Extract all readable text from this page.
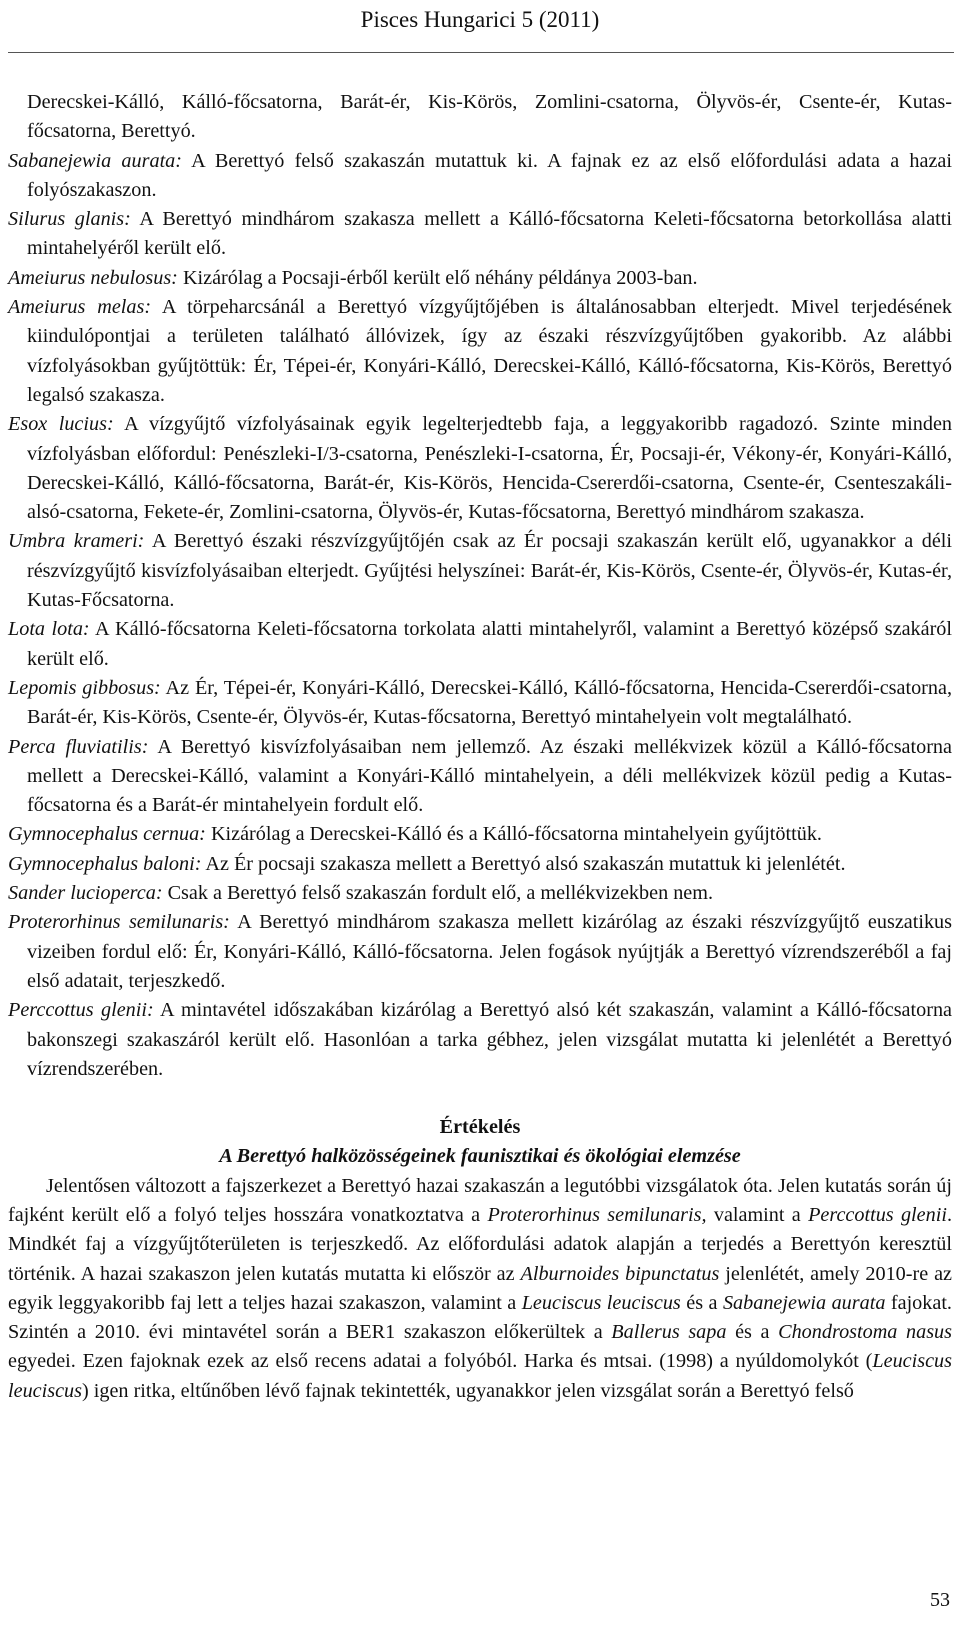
Pisces Hungarici 5 (2011)

Derecskei-Kálló, Kálló-főcsatorna, Barát-ér, Kis-Körös, Zomlini-csatorna, Ölyvös-ér, Csente-ér, Kutas-főcsatorna, Berettyó.

Sabanejewia aurata: A Berettyó felső szakaszán mutattuk ki. A fajnak ez az első előfordulási adata a hazai folyószakaszon.

Silurus glanis: A Berettyó mindhárom szakasza mellett a Kálló-főcsatorna Keleti-főcsatorna betorkollása alatti mintahelyéről került elő.

Ameiurus nebulosus: Kizárólag a Pocsaji-érből került elő néhány példánya 2003-ban.

Ameiurus melas: A törpeharcsánál a Berettyó vízgyűjtőjében is általánosabban elterjedt. Mivel terjedésének kiindulópontjai a területen található állóvizek, így az északi részvízgyűjtőben gyakoribb. Az alábbi vízfolyásokban gyűjtöttük: Ér, Tépei-ér, Konyári-Kálló, Derecskei-Kálló, Kálló-főcsatorna, Kis-Körös, Berettyó legalsó szakasza.

Esox lucius: A vízgyűjtő vízfolyásainak egyik legelterjedtebb faja, a leggyakoribb ragadozó. Szinte minden vízfolyásban előfordul: Penészleki-I/3-csatorna, Penészleki-I-csatorna, Ér, Pocsaji-ér, Vékony-ér, Konyári-Kálló, Derecskei-Kálló, Kálló-főcsatorna, Barát-ér, Kis-Körös, Hencida-Csererdői-csatorna, Csente-ér, Csenteszakáli-alsó-csatorna, Fekete-ér, Zomlini-csatorna, Ölyvös-ér, Kutas-főcsatorna, Berettyó mindhárom szakasza.

Umbra krameri: A Berettyó északi részvízgyűjtőjén csak az Ér pocsaji szakaszán került elő, ugyanakkor a déli részvízgyűjtő kisvízfolyásaiban elterjedt. Gyűjtési helyszínei: Barát-ér, Kis-Körös, Csente-ér, Ölyvös-ér, Kutas-ér, Kutas-Főcsatorna.

Lota lota: A Kálló-főcsatorna Keleti-főcsatorna torkolata alatti mintahelyről, valamint a Berettyó középső szakáról került elő.

Lepomis gibbosus: Az Ér, Tépei-ér, Konyári-Kálló, Derecskei-Kálló, Kálló-főcsatorna, Hencida-Csererdői-csatorna, Barát-ér, Kis-Körös, Csente-ér, Ölyvös-ér, Kutas-főcsatorna, Berettyó mintahelyein volt megtalálható.

Perca fluviatilis: A Berettyó kisvízfolyásaiban nem jellemző. Az északi mellékvizek közül a Kálló-főcsatorna mellett a Derecskei-Kálló, valamint a Konyári-Kálló mintahelyein, a déli mellékvizek közül pedig a Kutas-főcsatorna és a Barát-ér mintahelyein fordult elő.

Gymnocephalus cernua: Kizárólag a Derecskei-Kálló és a Kálló-főcsatorna mintahelyein gyűjtöttük.

Gymnocephalus baloni: Az Ér pocsaji szakasza mellett a Berettyó alsó szakaszán mutattuk ki jelenlétét.

Sander lucioperca: Csak a Berettyó felső szakaszán fordult elő, a mellékvizekben nem.

Proterorhinus semilunaris: A Berettyó mindhárom szakasza mellett kizárólag az északi részvízgyűjtő euszatikus vizeiben fordul elő: Ér, Konyári-Kálló, Kálló-főcsatorna. Jelen fogások nyújtják a Berettyó vízrendszeréből a faj első adatait, terjeszkedő.

Perccottus glenii: A mintavétel időszakában kizárólag a Berettyó alsó két szakaszán, valamint a Kálló-főcsatorna bakonszegi szakaszáról került elő. Hasonlóan a tarka gébhez, jelen vizsgálat mutatta ki jelenlétét a Berettyó vízrendszerében.

Értékelés

A Berettyó halközösségeinek faunisztikai és ökológiai elemzése

Jelentősen változott a fajszerkezet a Berettyó hazai szakaszán a legutóbbi vizsgálatok óta. Jelen kutatás során új fajként került elő a folyó teljes hosszára vonatkoztatva a Proterorhinus semilunaris, valamint a Perccottus glenii. Mindkét faj a vízgyűjtőterületen is terjeszkedő. Az előfordulási adatok alapján a terjedés a Berettyón keresztül történik. A hazai szakaszon jelen kutatás mutatta ki először az Alburnoides bipunctatus jelenlétét, amely 2010-re az egyik leggyakoribb faj lett a teljes hazai szakaszon, valamint a Leuciscus leuciscus és a Sabanejewia aurata fajokat. Szintén a 2010. évi mintavétel során a BER1 szakaszon előkerültek a Ballerus sapa és a Chondrostoma nasus egyedei. Ezen fajoknak ezek az első recens adatai a folyóból. Harka és mtsai. (1998) a nyúldomolykót (Leuciscus leuciscus) igen ritka, eltűnőben lévő fajnak tekintették, ugyanakkor jelen vizsgálat során a Berettyó felső

53
